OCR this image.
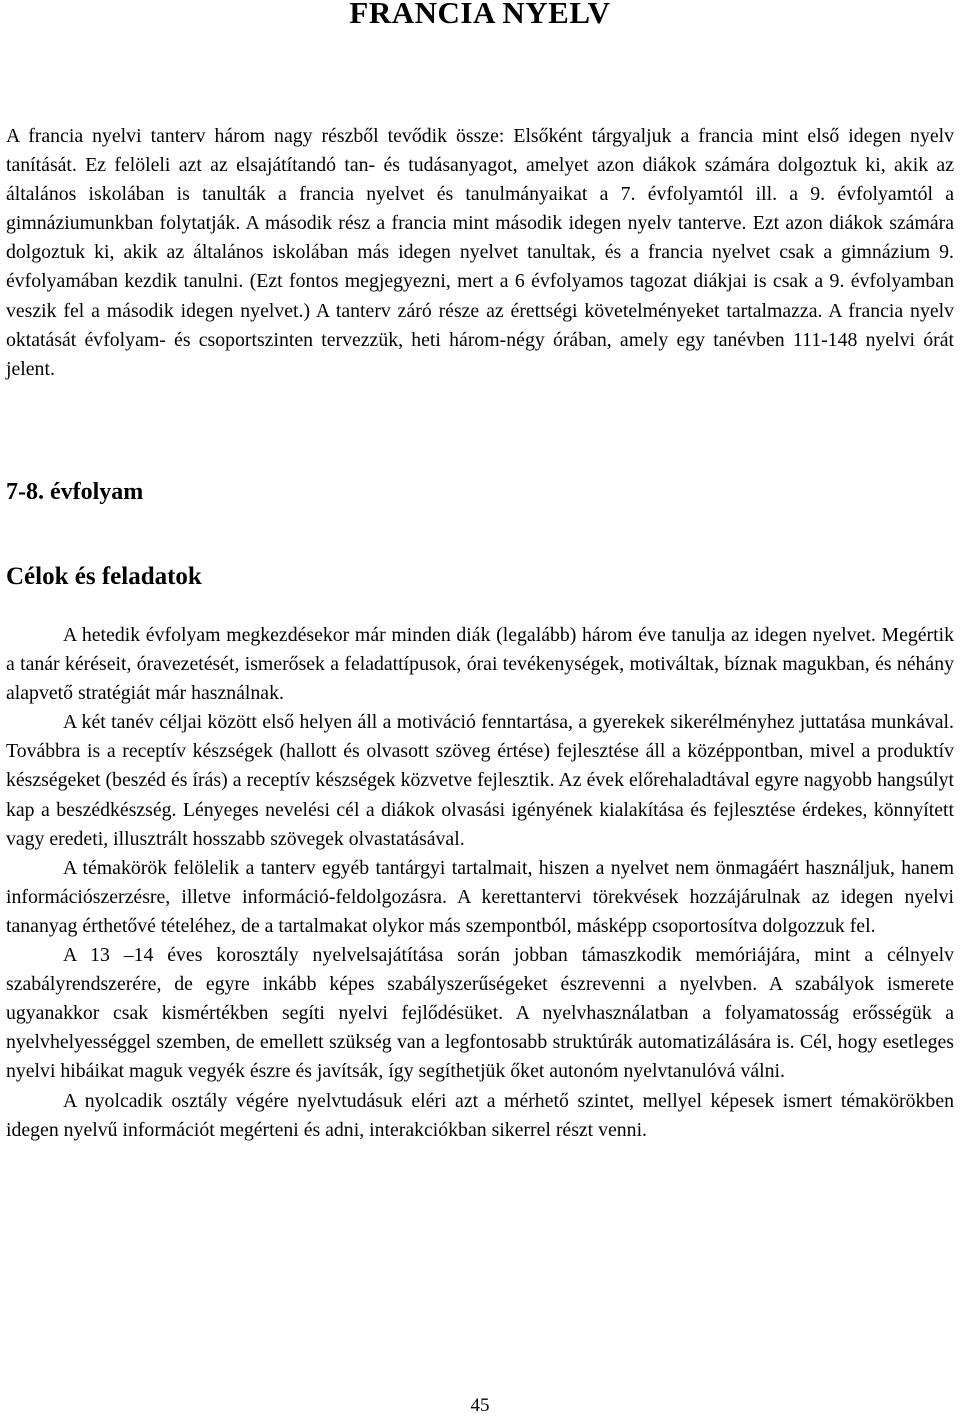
FRANCIA NYELV

A francia nyelvi tanterv három nagy részből tevődik össze: Elsőként tárgyaljuk a francia mint első idegen nyelv tanítását. Ez felöleli azt az elsajátítandó tan- és tudásanyagot, amelyet azon diákok számára dolgoztuk ki, akik az általános iskolában is tanulták a francia nyelvet és tanulmányaikat a 7. évfolyamtól ill. a 9. évfolyamtól a gimnáziumunkban folytatják. A második rész a francia mint második idegen nyelv tanterve. Ezt azon diákok számára dolgoztuk ki, akik az általános iskolában más idegen nyelvet tanultak, és a francia nyelvet csak a gimnázium 9. évfolyamában kezdik tanulni. (Ezt fontos megjegyezni, mert a 6 évfolyamos tagozat diákjai is csak a 9. évfolyamban veszik fel a második idegen nyelvet.) A tanterv záró része az érettségi követelményeket tartalmazza. A francia nyelv oktatását évfolyam- és csoportszinten tervezzük, heti három-négy órában, amely egy tanévben 111-148 nyelvi órát jelent.

7-8. évfolyam
Célok és feladatok

A hetedik évfolyam megkezdésekor már minden diák (legalább) három éve tanulja az idegen nyelvet. Megértik a tanár kéréseit, óravezetését, ismerősek a feladattípusok, órai tevékenységek, motiváltak, bíznak magukban, és néhány alapvető stratégiát már használnak.

A két tanév céljai között első helyen áll a motiváció fenntartása, a gyerekek sikerélményhez juttatása munkával. Továbbra is a receptív készségek (hallott és olvasott szöveg értése) fejlesztése áll a középpontban, mivel a produktív készségeket (beszéd és írás) a receptív készségek közvetve fejlesztik. Az évek előrehaladtával egyre nagyobb hangsúlyt kap a beszédkészség. Lényeges nevelési cél a diákok olvasási igényének kialakítása és fejlesztése érdekes, könnyített vagy eredeti, illusztrált hosszabb szövegek olvastatásával.

A témakörök felölelik a tanterv egyéb tantárgyi tartalmait, hiszen a nyelvet nem önmagáért használjuk, hanem információszerzésre, illetve információ-feldolgozásra. A kerettantervi törekvések hozzájárulnak az idegen nyelvi tananyag érthetővé tételéhez, de a tartalmakat olykor más szempontból, másképp csoportosítva dolgozzuk fel.

A 13 –14 éves korosztály nyelvelsajátítása során jobban támaszkodik memóriájára, mint a célnyelv szabályrendszerére, de egyre inkább képes szabályszerűségeket észrevenni a nyelvben. A szabályok ismerete ugyanakkor csak kismértékben segíti nyelvi fejlődésüket. A nyelvhasználatban a folyamatosság erősségük a nyelvhelyességgel szemben, de emellett szükség van a legfontosabb struktúrák automatizálására is. Cél, hogy esetleges nyelvi hibáikat maguk vegyék észre és javítsák, így segíthetjük őket autonóm nyelvtanulóvá válni.

A nyolcadik osztály végére nyelvtudásuk eléri azt a mérhető szintet, mellyel képesek ismert témakörökben idegen nyelvű információt megérteni és adni, interakciókban sikerrel részt venni.

45
